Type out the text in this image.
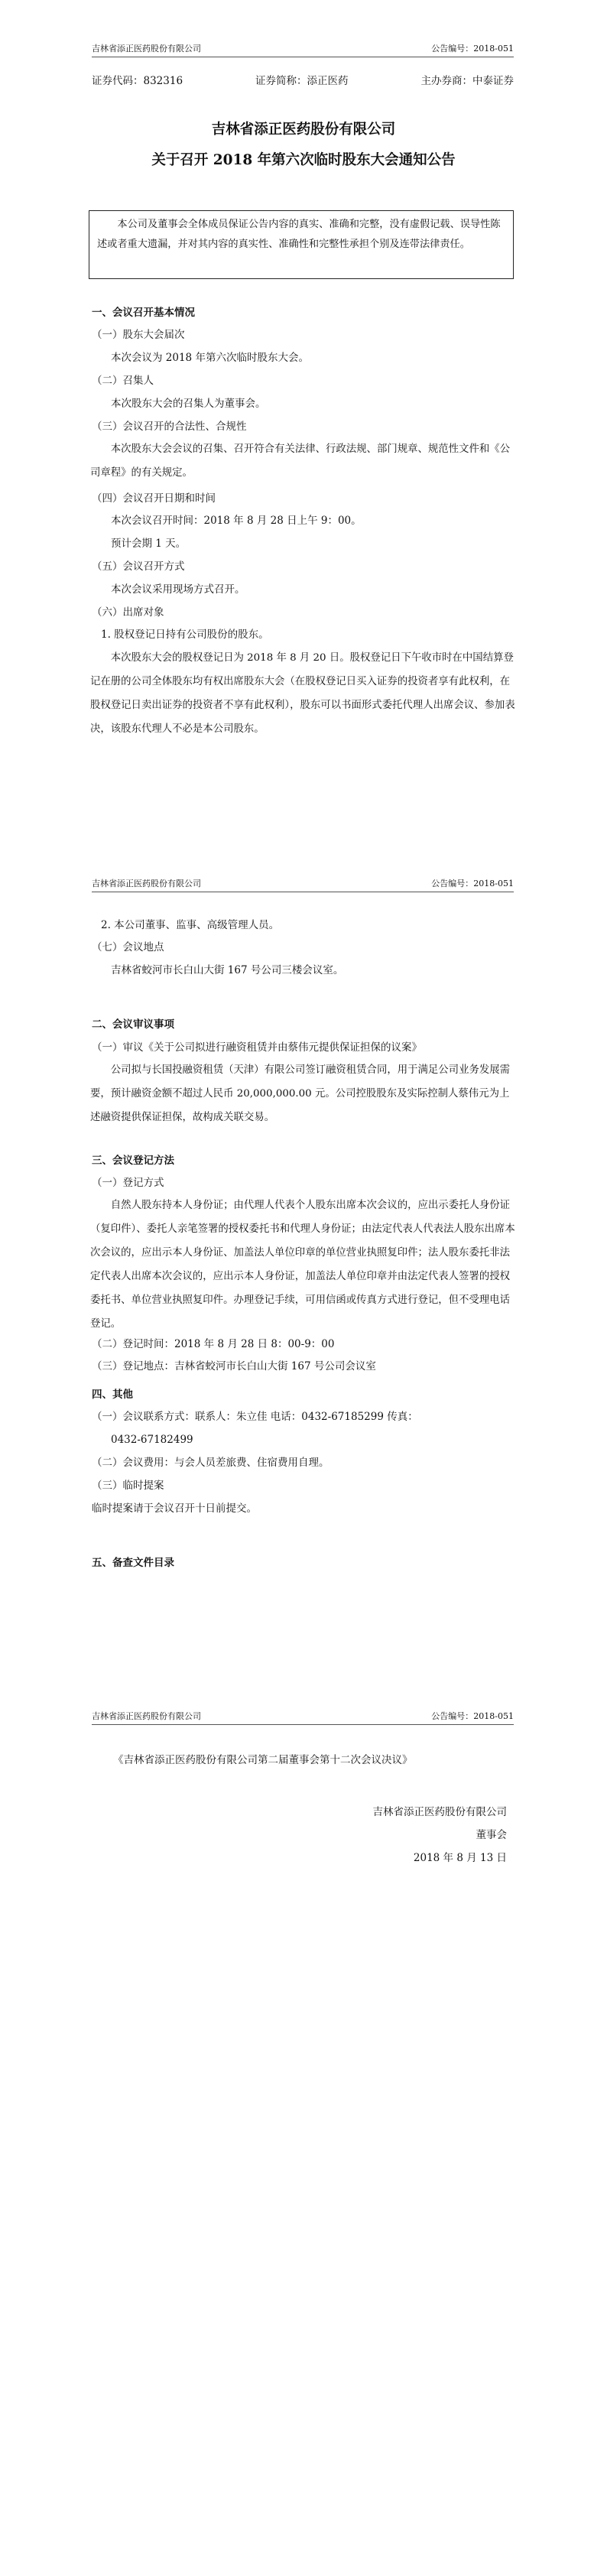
吉林省添正医药股份有限公司	公告编号：2018-051
证券代码：832316	证券简称：添正医药	主办券商：中泰证券
吉林省添正医药股份有限公司
关于召开 2018 年第六次临时股东大会通知公告
本公司及董事会全体成员保证公告内容的真实、准确和完整，没有虚假记载、误导性陈述或者重大遗漏，并对其内容的真实性、准确性和完整性承担个别及连带法律责任。
一、会议召开基本情况
（一）股东大会届次
本次会议为 2018 年第六次临时股东大会。
（二）召集人
本次股东大会的召集人为董事会。
（三）会议召开的合法性、合规性
本次股东大会会议的召集、召开符合有关法律、行政法规、部门规章、规范性文件和《公司章程》的有关规定。
（四）会议召开日期和时间
本次会议召开时间：2018 年 8 月 28 日上午 9：00。
预计会期 1 天。
（五）会议召开方式
本次会议采用现场方式召开。
（六）出席对象
1. 股权登记日持有公司股份的股东。
本次股东大会的股权登记日为 2018 年 8 月 20 日。股权登记日下午收市时在中国结算登记在册的公司全体股东均有权出席股东大会（在股权登记日买入证券的投资者享有此权利，在股权登记日卖出证券的投资者不享有此权利），股东可以书面形式委托代理人出席会议、参加表决，该股东代理人不必是本公司股东。
吉林省添正医药股份有限公司	公告编号：2018-051
2. 本公司董事、监事、高级管理人员。
（七）会议地点
吉林省蛟河市长白山大街 167 号公司三楼会议室。
二、会议审议事项
（一）审议《关于公司拟进行融资租赁并由蔡伟元提供保证担保的议案》
公司拟与长国投融资租赁（天津）有限公司签订融资租赁合同，用于满足公司业务发展需要，预计融资金额不超过人民币 20,000,000.00 元。公司控股股东及实际控制人蔡伟元为上述融资提供保证担保，故构成关联交易。
三、会议登记方法
（一）登记方式
自然人股东持本人身份证；由代理人代表个人股东出席本次会议的，应出示委托人身份证（复印件）、委托人亲笔签署的授权委托书和代理人身份证；由法定代表人代表法人股东出席本次会议的，应出示本人身份证、加盖法人单位印章的单位营业执照复印件；法人股东委托非法定代表人出席本次会议的，应出示本人身份证，加盖法人单位印章并由法定代表人签署的授权委托书、单位营业执照复印件。办理登记手续，可用信函或传真方式进行登记，但不受理电话登记。
（二）登记时间：2018 年 8 月 28 日 8：00-9：00
（三）登记地点：吉林省蛟河市长白山大街 167 号公司会议室
四、其他
（一）会议联系方式：联系人：朱立佳 电话：0432-67185299 传真：
0432-67182499
（二）会议费用：与会人员差旅费、住宿费用自理。
（三）临时提案
临时提案请于会议召开十日前提交。
五、备查文件目录
吉林省添正医药股份有限公司	公告编号：2018-051
《吉林省添正医药股份有限公司第二届董事会第十二次会议决议》
吉林省添正医药股份有限公司
董事会
2018 年 8 月 13 日
